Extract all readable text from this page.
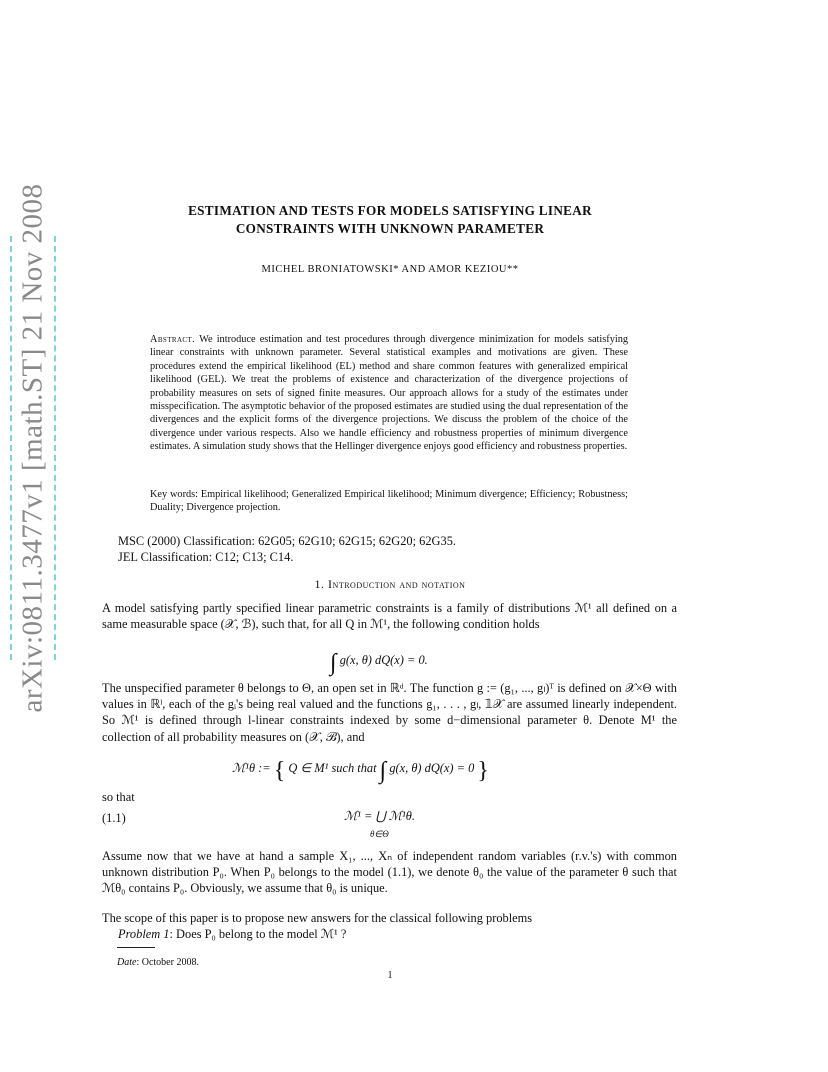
arXiv:0811.3477v1 [math.ST] 21 Nov 2008	ESTIMATION AND TESTS FOR MODELS SATISFYING LINEAR
CONSTRAINTS WITH UNKNOWN PARAMETER
MICHEL BRONIATOWSKI* AND AMOR KEZIOU**
Abstract. We introduce estimation and test procedures through divergence minimization for models satisfying linear constraints with unknown parameter. Several statistical examples and motivations are given. These procedures extend the empirical likelihood (EL) method and share common features with generalized empirical likelihood (GEL). We treat the problems of existence and characterization of the divergence projections of probability measures on sets of signed finite measures. Our approach allows for a study of the estimates under misspecification. The asymptotic behavior of the proposed estimates are studied using the dual representation of the divergences and the explicit forms of the divergence projections. We discuss the problem of the choice of the divergence under various respects. Also we handle efficiency and robustness properties of minimum divergence estimates. A simulation study shows that the Hellinger divergence enjoys good efficiency and robustness properties.
Key words: Empirical likelihood; Generalized Empirical likelihood; Minimum divergence; Efficiency; Robustness; Duality; Divergence projection.
MSC (2000) Classification: 62G05; 62G10; 62G15; 62G20; 62G35.
JEL Classification: C12; C13; C14.
1. Introduction and notation
A model satisfying partly specified linear parametric constraints is a family of distributions ℳ¹ all defined on a same measurable space (𝒳, ℬ), such that, for all Q in ℳ¹, the following condition holds
∫ g(x, θ) dQ(x) = 0.
The unspecified parameter θ belongs to Θ, an open set in ℝᵈ. The function g := (g₁, ..., gₗ)ᵀ is defined on 𝒳×Θ with values in ℝˡ, each of the gᵢ's being real valued and the functions g₁, . . . , gₗ, 𝟙𝒳 are assumed linearly independent. So ℳ¹ is defined through l-linear constraints indexed by some d−dimensional parameter θ. Denote M¹ the collection of all probability measures on (𝒳, ℬ), and
ℳ¹θ := { Q ∈ M¹ such that ∫ g(x, θ) dQ(x) = 0 }
so that
(1.1)	ℳ¹ = ⋃ ℳ¹θ.
θ∈Θ
Assume now that we have at hand a sample X₁, ..., Xₙ of independent random variables (r.v.'s) with common unknown distribution P₀. When P₀ belongs to the model (1.1), we denote θ₀ the value of the parameter θ such that ℳθ₀ contains P₀. Obviously, we assume that θ₀ is unique.
The scope of this paper is to propose new answers for the classical following problems
Problem 1: Does P₀ belong to the model ℳ¹ ?
Date: October 2008.
1
